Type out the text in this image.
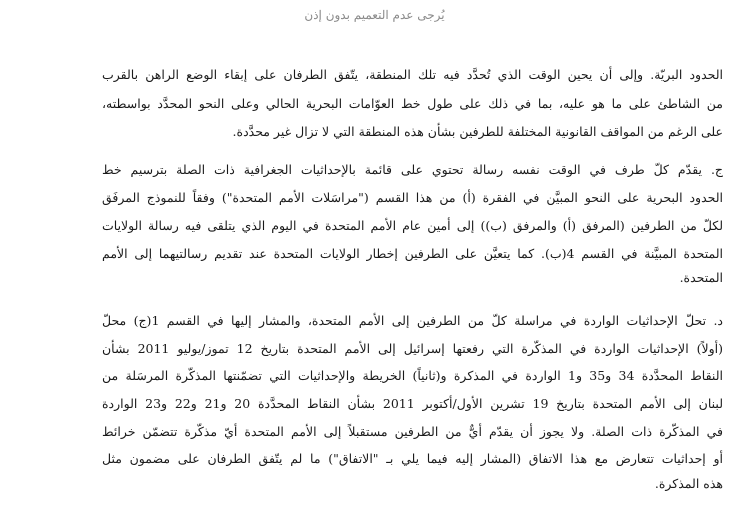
يُرجى عدم التعميم بدون إذن
الحدود البريّة. وإلى أن يحين الوقت الذي تُحدَّد فيه تلك المنطقة، يتّفق الطرفان على إبقاء الوضع الراهن بالقرب
من الشاطئ على ما هو عليه، بما في ذلك على طول خط العوّامات البحرية الحالي وعلى النحو المحدَّد بواسطته،
على الرغم من المواقف القانونية المختلفة للطرفين بشأن هذه المنطقة التي لا تزال غير محدَّدة.
ج. يقدّم كلّ طرف في الوقت نفسه رسالة تحتوي على قائمة بالإحداثيات الجغرافية ذات الصلة بترسيم خط
الحدود البحرية على النحو المبيَّن في الفقرة (أ) من هذا القسم ("مراسَلات الأمم المتحدة") وفقاً للنموذج المرفَق
لكلّ من الطرفين (المرفق (أ) والمرفق (ب)) إلى أمين عام الأمم المتحدة في اليوم الذي يتلقى فيه رسالة الولايات
المتحدة المبيَّنة في القسم 4(ب). كما يتعيَّن على الطرفين إخطار الولايات المتحدة عند تقديم رسالتيهما إلى الأمم
المتحدة.
د. تحلّ الإحداثيات الواردة في مراسلة كلّ من الطرفين إلى الأمم المتحدة، والمشار إليها في القسم 1(ج) محلّ
(أولاً) الإحداثيات الواردة في المذكّرة التي رفعتها إسرائيل إلى الأمم المتحدة بتاريخ 12 تموز/يوليو 2011 بشأن
النقاط المحدَّدة 34 و35 و1 الواردة في المذكرة و(ثانياً) الخريطة والإحداثيات التي تضمّنتها المذكّرة المرسَلة من
لبنان إلى الأمم المتحدة بتاريخ 19 تشرين الأول/أكتوبر 2011 بشأن النقاط المحدَّدة 20 و21 و22 و23 الواردة
في المذكّرة ذات الصلة. ولا يجوز أن يقدّم أيٌّ من الطرفين مستقبلاً إلى الأمم المتحدة أيّ مذكّرة تتضمّن خرائط
أو إحداثيات تتعارض مع هذا الاتفاق (المشار إليه فيما يلي بـ "الاتفاق") ما لم يتّفق الطرفان على مضمون مثل
هذه المذكرة.
